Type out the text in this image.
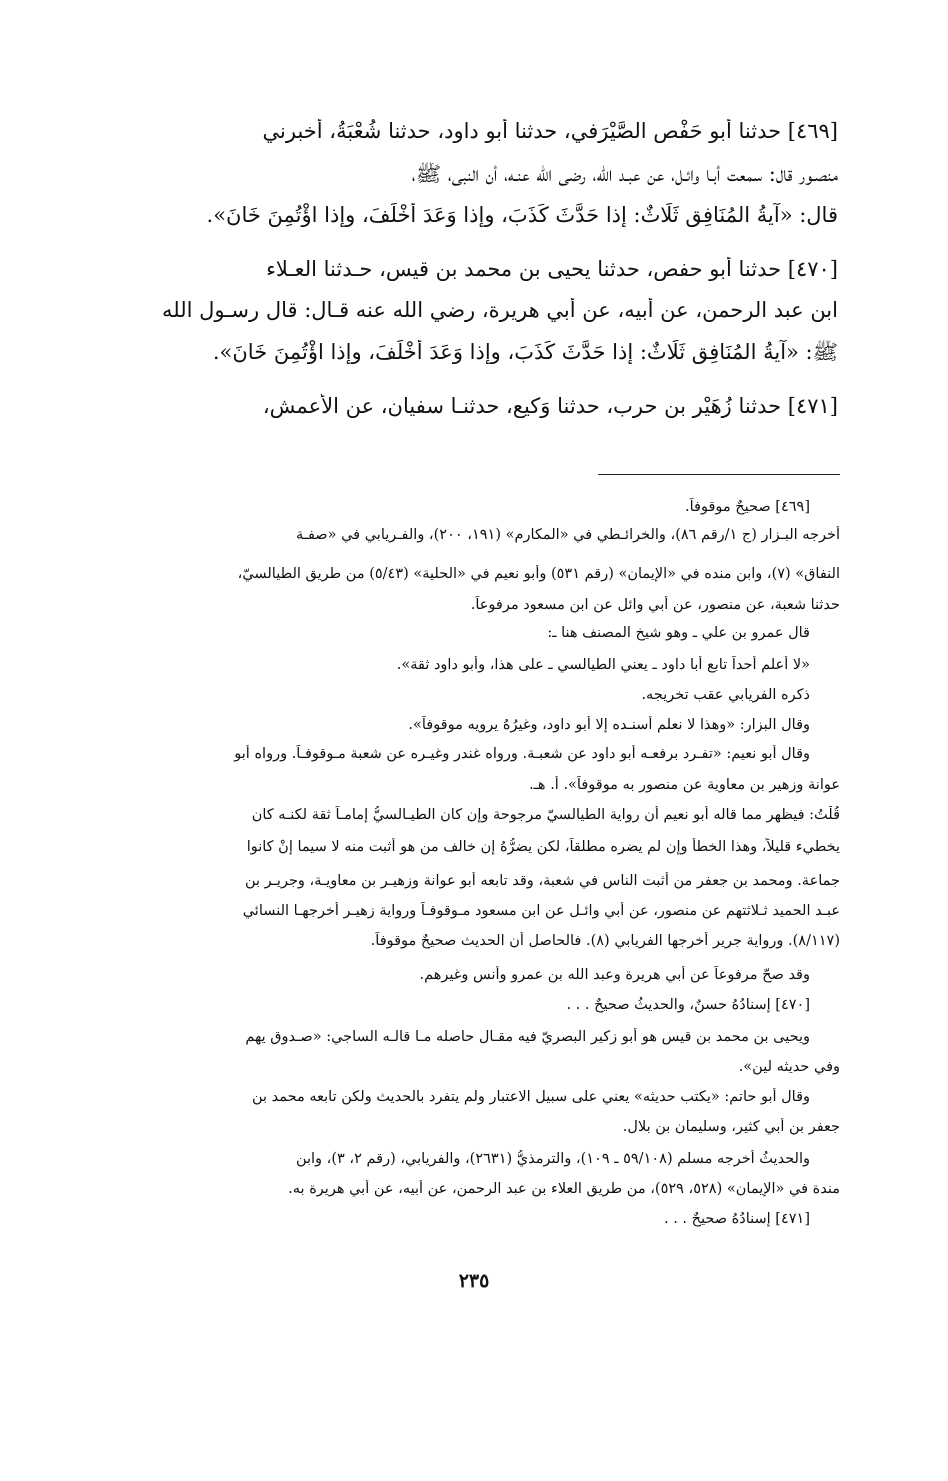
[٤٦٩] حدثنا أبو حَفْص الصَّيْرَفي، حدثنا أبو داود، حدثنا شُعْبَةُ، أخبرني
منصـور قال: سمعت أبـا وائـل، عن عبـد الله، رضي الله عنـه، أن النبي، ﷺ،
قال: «آيةُ المُنَافِقِ ثَلَاثٌ: إذا حَدَّثَ كَذَبَ، وإذا وَعَدَ أَخْلَفَ، وإذا اؤْتُمِنَ خَانَ».
[٤٧٠] حدثنا أبو حفص، حدثنا يحيى بن محمد بن قيس، حـدثنا العـلاء
ابن عبد الرحمن، عن أبيه، عن أبي هريرة، رضي الله عنه قـال: قال رسـول الله
ﷺ: «آيةُ المُنَافِقِ ثَلَاثٌ: إذا حَدَّثَ كَذَبَ، وإذا وَعَدَ أَخْلَفَ، وإذا اؤْتُمِنَ خَانَ».
[٤٧١] حدثنا زُهَيْر بن حرب، حدثنا وَكيع، حدثنـا سفيان، عن الأعمش،
[٤٦٩] صحيحٌ موقوفاً.
أخرجه البـزار (ج ١/رقم ٨٦)، والخرائـطي في «المكارم» (١٩١، ٢٠٠)، والفـريابي في «صفـة
النفاق» (٧)، وابن منده في «الإيمان» (رقم ٥٣١) وأبو نعيم في «الحلية» (٥/٤٣) من طريق الطيالسيّ،
حدثنا شعبة، عن منصور، عن أبي وائل عن ابن مسعود مرفوعاً.
قال عمرو بن علي ـ وهو شيخ المصنف هنا ـ:
«لا أعلم أحداً تابع أبا داود ـ يعني الطيالسي ـ على هذا، وأبو داود ثقة».
ذكره الفريابي عقب تخريجه.
وقال البزار: «وهذا لا نعلم أسنـده إلا أبو داود، وغيرُهُ يرويه موقوفاً».
وقال أبو نعيم: «تفـرد برفعـه أبو داود عن شعبـة. ورواه غندر وغيـره عن شعبة مـوقوفـاً. ورواه أبو
عوانة وزهير بن معاوية عن منصور به موقوفاً». أ. هـ.
قُلْتُ: فيظهر مما قاله أبو نعيم أن رواية الطيالسيّ مرجوحة وإن كان الطيـالسيُّ إمامـاً ثقة لكنـه كان
يخطيء قليلاً، وهذا الخطأ وإن لم يضره مطلقاً، لكن يضرُّهُ إن خالف من هو أثبت منه لا سيما إنْ كانوا
جماعة. ومحمد بن جعفر من أثبت الناس في شعبة، وقد تابعه أبو عوانة وزهيـر بن معاويـة، وجريـر بن
عبـد الحميد ثـلاثتهم عن منصور، عن أبي وائـل عن ابن مسعود مـوقوفـاً ورواية زهيـر أخرجهـا النسائي
(٨/١١٧). ورواية جرير أخرجها الفريابي (٨). فالحاصل أن الحديث صحيحٌ موقوفاً.
وقد صحّ مرفوعاً عن أبي هريرة وعبد الله بن عمرو وأنس وغيرهم.
[٤٧٠] إسنادُهُ حسنٌ، والحديثُ صحيحٌ . . .
ويحيى بن محمد بن قيس هو أبو زكير البصريّ فيه مقـال حاصله مـا قالـه الساجي: «صـدوق يهم
وفي حديثه لين».
وقال أبو حاتم: «يكتب حديثه» يعني على سبيل الاعتبار ولم يتفرد بالحديث ولكن تابعه محمد بن
جعفر بن أبي كثير، وسليمان بن بلال.
والحديثُ أخرجه مسلم (٥٩/١٠٨ ـ ١٠٩)، والترمذيُّ (٢٦٣١)، والفريابي، (رقم ٢، ٣)، وابن
مندة في «الإيمان» (٥٢٨، ٥٢٩)، من طريق العلاء بن عبد الرحمن، عن أبيه، عن أبي هريرة به.
[٤٧١] إسنادُهُ صحيحٌ . . .
٢٣٥
